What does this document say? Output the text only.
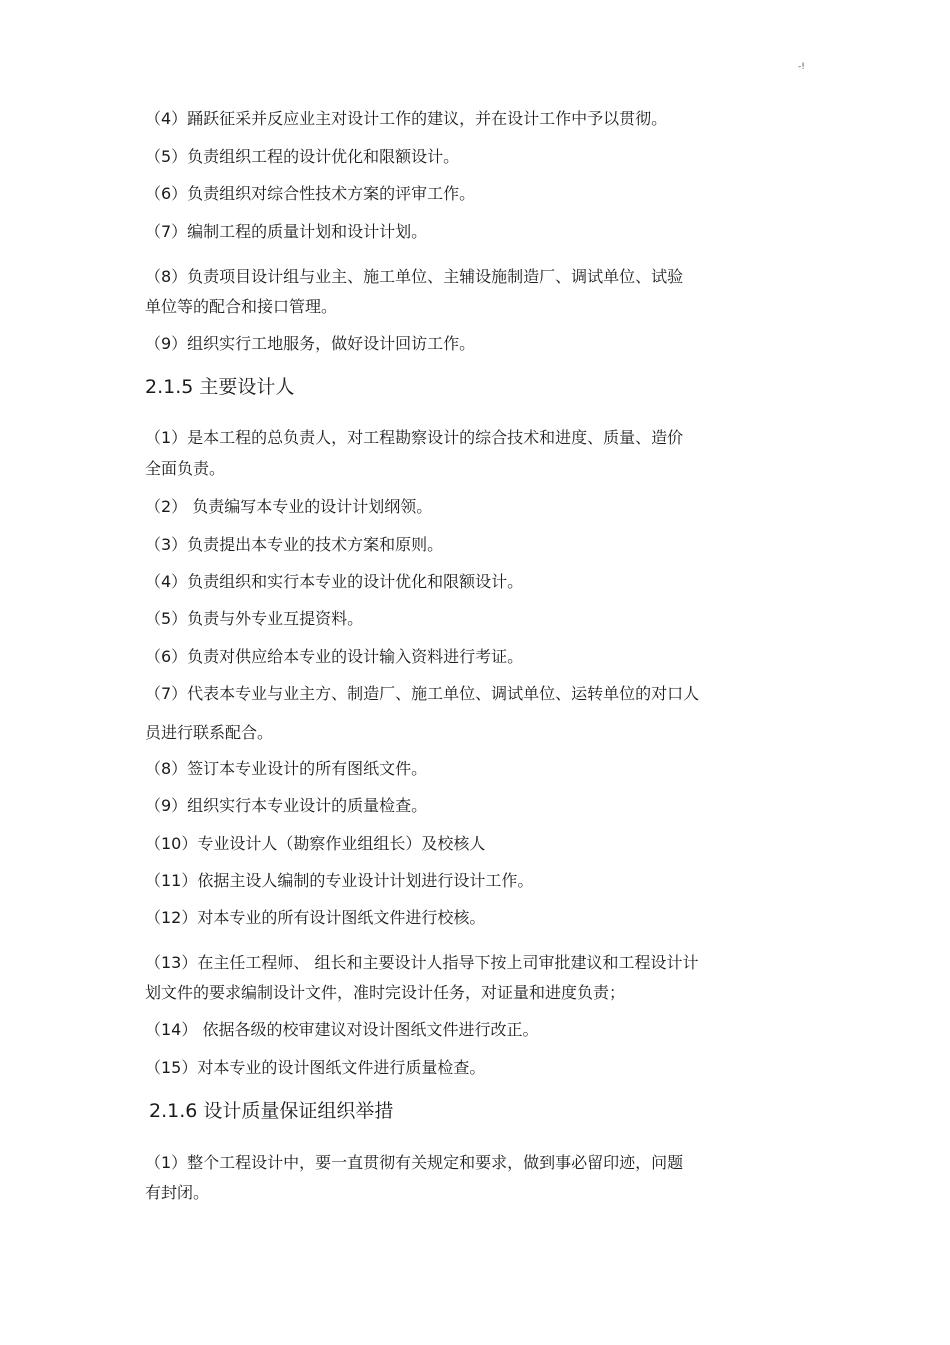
-!
（4）踊跃征采并反应业主对设计工作的建议，并在设计工作中予以贯彻。
（5）负责组织工程的设计优化和限额设计。
（6）负责组织对综合性技术方案的评审工作。
（7）编制工程的质量计划和设计计划。
（8）负责项目设计组与业主、施工单位、主辅设施制造厂、调试单位、试验
单位等的配合和接口管理。
（9）组织实行工地服务，做好设计回访工作。
2.1.5 主要设计人
（1）是本工程的总负责人，对工程勘察设计的综合技术和进度、质量、造价
全面负责。
（2） 负责编写本专业的设计计划纲领。
（3）负责提出本专业的技术方案和原则。
（4）负责组织和实行本专业的设计优化和限额设计。
（5）负责与外专业互提资料。
（6）负责对供应给本专业的设计输入资料进行考证。
（7）代表本专业与业主方、制造厂、施工单位、调试单位、运转单位的对口人
员进行联系配合。
（8）签订本专业设计的所有图纸文件。
（9）组织实行本专业设计的质量检查。
（10）专业设计人（勘察作业组组长）及校核人
（11）依据主设人编制的专业设计计划进行设计工作。
（12）对本专业的所有设计图纸文件进行校核。
（13）在主任工程师、 组长和主要设计人指导下按上司审批建议和工程设计计
划文件的要求编制设计文件，准时完设计任务，对证量和进度负责；
（14） 依据各级的校审建议对设计图纸文件进行改正。
（15）对本专业的设计图纸文件进行质量检查。
2.1.6 设计质量保证组织举措
（1）整个工程设计中，要一直贯彻有关规定和要求，做到事必留印迹，问题
有封闭。
